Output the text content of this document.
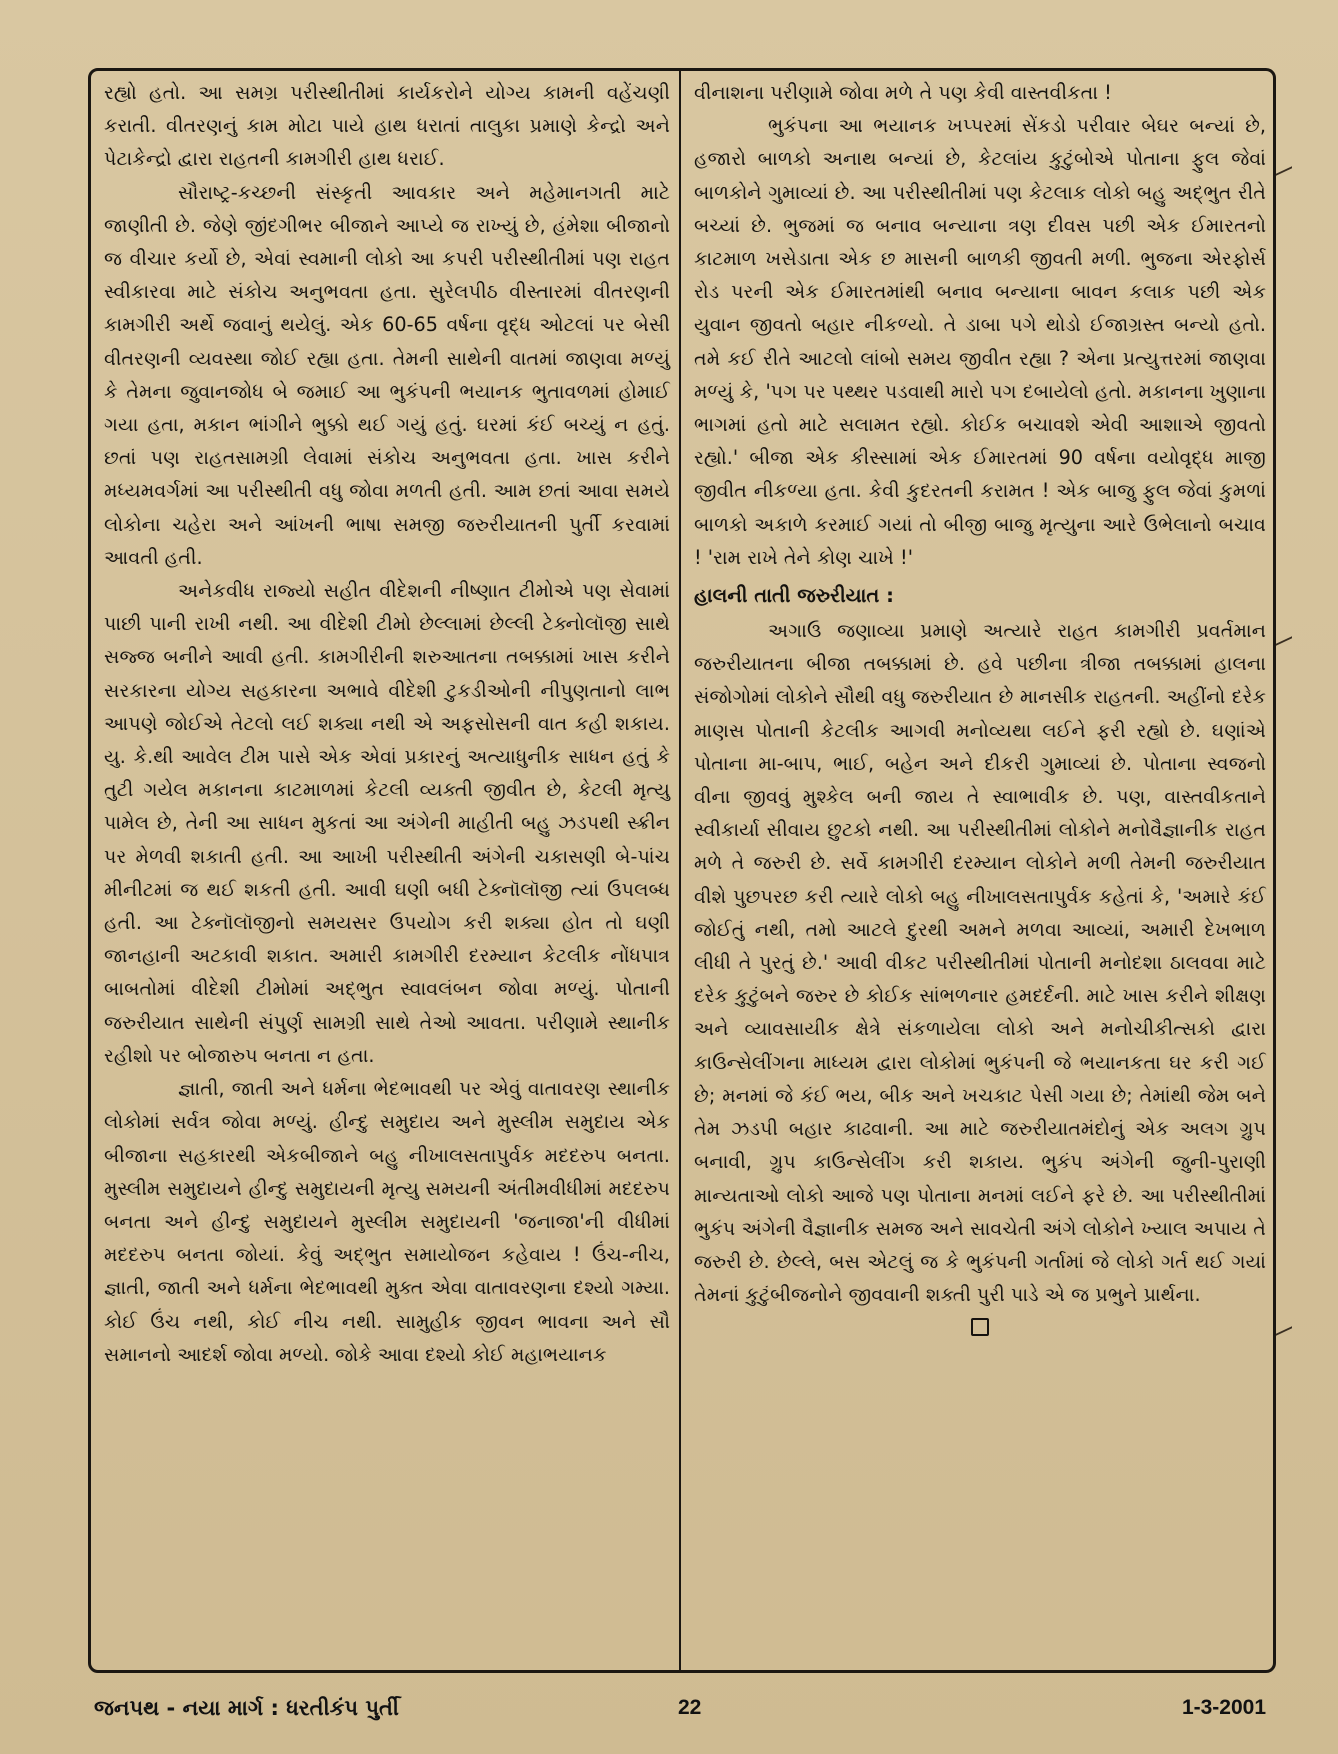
રહ્યો હતો. આ સમગ્ર પરીસ્થીતીમાં કાર્યકરોને યોગ્ય કામની વહેંચણી કરાતી. વીતરણનું કામ મોટા પાયે હાથ ધરાતાં તાલુકા પ્રમાણે કેન્દ્રો અને પેટાકેન્દ્રો દ્વારા રાહતની કામગીરી હાથ ધરાઈ.

સૌરાષ્ટ્ર-કચ્છની સંસ્કૃતી આવકાર અને મહેમાનગતી માટે જાણીતી છે. જેણે જીંદગીભર બીજાને આપ્યે જ રાખ્યું છે, હંમેશા બીજાનો જ વીચાર કર્યો છે, એવાં સ્વમાની લોકો આ કપરી પરીસ્થીતીમાં પણ રાહત સ્વીકારવા માટે સંકોચ અનુભવતા હતા. સુરેલપીઠ વીસ્તારમાં વીતરણની કામગીરી અર્થે જવાનું થયેલું. એક 60-65 વર્ષના વૃદ્ધ ઓટલાં પર બેસી વીતરણની વ્યવસ્થા જોઈ રહ્યા હતા. તેમની સાથેની વાતમાં જાણવા મળ્યું કે તેમના જુવાનજોધ બે જમાઈ આ ભુકંપની ભયાનક ભુતાવળમાં હોમાઈ ગયા હતા, મકાન ભાંગીને ભુક્કો થઈ ગયું હતું. ઘરમાં કંઈ બચ્યું ન હતું. છતાં પણ રાહતસામગ્રી લેવામાં સંકોચ અનુભવતા હતા. ખાસ કરીને મધ્યમવર્ગમાં આ પરીસ્થીતી વધુ જોવા મળતી હતી. આમ છતાં આવા સમયે લોકોના ચહેરા અને આંખની ભાષા સમજી જરુરીયાતની પુર્તી કરવામાં આવતી હતી.

અનેકવીધ રાજ્યો સહીત વીદેશની નીષ્ણાત ટીમોએ પણ સેવામાં પાછી પાની રાખી નથી. આ વીદેશી ટીમો છેલ્લામાં છેલ્લી ટેક્નોલૉજી સાથે સજ્જ બનીને આવી હતી. કામગીરીની શરુઆતના તબક્કામાં ખાસ કરીને સરકારના યોગ્ય સહકારના અભાવે વીદેશી ટુકડીઓની નીપુણતાનો લાભ આપણે જોઈએ તેટલો લઈ શક્યા નથી એ અફસોસની વાત કહી શકાય. યુ. કે.થી આવેલ ટીમ પાસે એક એવાં પ્રકારનું અત્યાધુનીક સાધન હતું કે તુટી ગયેલ મકાનના કાટમાળમાં કેટલી વ્યક્તી જીવીત છે, કેટલી મૃત્યુ પામેલ છે, તેની આ સાધન મુકતાં આ અંગેની માહીતી બહુ ઝડપથી સ્ક્રીન પર મેળવી શકાતી હતી. આ આખી પરીસ્થીતી અંગેની ચકાસણી બે-પાંચ મીનીટમાં જ થઈ શકતી હતી. આવી ઘણી બધી ટેક્નૉલૉજી ત્યાં ઉપલબ્ધ હતી. આ ટેક્નૉલૉજીનો સમયસર ઉપયોગ કરી શક્યા હોત તો ઘણી જાનહાની અટકાવી શકાત. અમારી કામગીરી દરમ્યાન કેટલીક નોંધપાત્ર બાબતોમાં વીદેશી ટીમોમાં અદ્ભુત સ્વાવલંબન જોવા મળ્યું. પોતાની જરુરીયાત સાથેની સંપુર્ણ સામગ્રી સાથે તેઓ આવતા. પરીણામે સ્થાનીક રહીશો પર બોજારુપ બનતા ન હતા.

જ્ઞાતી, જાતી અને ધર્મના ભેદભાવથી પર એવું વાતાવરણ સ્થાનીક લોકોમાં સર્વત્ર જોવા મળ્યું. હીન્દુ સમુદાય અને મુસ્લીમ સમુદાય એક બીજાના સહકારથી એકબીજાને બહુ નીખાલસતાપુર્વક મદદરુપ બનતા. મુસ્લીમ સમુદાયને હીન્દુ સમુદાયની મૃત્યુ સમયની અંતીમવીધીમાં મદદરુપ બનતા અને હીન્દુ સમુદાયને મુસ્લીમ સમુદાયની 'જનાજા'ની વીધીમાં મદદરુપ બનતા જોયાં. કેવું અદ્ભુત સમાયોજન કહેવાય ! ઉંચ-નીચ, જ્ઞાતી, જાતી અને ધર્મના ભેદભાવથી મુક્ત એવા વાતાવરણના દશ્યો ગમ્યા. કોઈ ઉંચ નથી, કોઈ નીચ નથી. સામુહીક જીવન ભાવના અને સૌ સમાનનો આદર્શ જોવા મળ્યો. જોકે આવા દશ્યો કોઈ મહાભયાનક

વીનાશના પરીણામે જોવા મળે તે પણ કેવી વાસ્તવીકતા !

ભુકંપના આ ભયાનક ખપ્પરમાં સેંકડો પરીવાર બેઘર બન્યાં છે, હજારો બાળકો અનાથ બન્યાં છે, કેટલાંય કુટુંબોએ પોતાના ફુલ જેવાં બાળકોને ગુમાવ્યાં છે. આ પરીસ્થીતીમાં પણ કેટલાક લોકો બહુ અદ્ભુત રીતે બચ્યાં છે. ભુજમાં જ બનાવ બન્યાના ત્રણ દીવસ પછી એક ઈમારતનો કાટમાળ ખસેડાતા એક છ માસની બાળકી જીવતી મળી. ભુજના એરફોર્સ રોડ પરની એક ઈમારતમાંથી બનાવ બન્યાના બાવન કલાક પછી એક યુવાન જીવતો બહાર નીકળ્યો. તે ડાબા પગે થોડો ઈજાગ્રસ્ત બન્યો હતો. તમે કઈ રીતે આટલો લાંબો સમય જીવીત રહ્યા ? એના પ્રત્યુત્તરમાં જાણવા મળ્યું કે, 'પગ પર પથ્થર પડવાથી મારો પગ દબાયેલો હતો. મકાનના ખુણાના ભાગમાં હતો માટે સલામત રહ્યો. કોઈક બચાવશે એવી આશાએ જીવતો રહ્યો.' બીજા એક કીસ્સામાં એક ઈમારતમાં 90 વર્ષના વયોવૃદ્ધ માજી જીવીત નીકળ્યા હતા. કેવી કુદરતની કરામત ! એક બાજુ ફુલ જેવાં કુમળાં બાળકો અકાળે કરમાઈ ગયાં તો બીજી બાજુ મૃત્યુના આરે ઉભેલાનો બચાવ ! 'રામ રાખે તેને કોણ ચાખે !'

હાલની તાતી જરુરીયાત :

અગાઉ જણાવ્યા પ્રમાણે અત્યારે રાહત કામગીરી પ્રવર્તમાન જરુરીયાતના બીજા તબક્કામાં છે. હવે પછીના ત્રીજા તબક્કામાં હાલના સંજોગોમાં લોકોને સૌથી વધુ જરુરીયાત છે માનસીક રાહતની. અહીંનો દરેક માણસ પોતાની કેટલીક આગવી મનોવ્યથા લઈને ફરી રહ્યો છે. ઘણાંએ પોતાના મા-બાપ, ભાઈ, બહેન અને દીકરી ગુમાવ્યાં છે. પોતાના સ્વજનો વીના જીવવું મુશ્કેલ બની જાય તે સ્વાભાવીક છે. પણ, વાસ્તવીકતાને સ્વીકાર્યા સીવાય છુટકો નથી. આ પરીસ્થીતીમાં લોકોને મનોવૈજ્ઞાનીક રાહત મળે તે જરુરી છે. સર્વે કામગીરી દરમ્યાન લોકોને મળી તેમની જરુરીયાત વીશે પુછપરછ કરી ત્યારે લોકો બહુ નીખાલસતાપુર્વક કહેતાં કે, 'અમારે કંઈ જોઈતું નથી, તમો આટલે દુરથી અમને મળવા આવ્યાં, અમારી દેખભાળ લીધી તે પુરતું છે.' આવી વીકટ પરીસ્થીતીમાં પોતાની મનોદશા ઠાલવવા માટે દરેક કુટુંબને જરુર છે કોઈક સાંભળનાર હમદર્દની. માટે ખાસ કરીને શીક્ષણ અને વ્યાવસાયીક ક્ષેત્રે સંકળાયેલા લોકો અને મનોચીકીત્સકો દ્વારા કાઉન્સેલીંગના માધ્યમ દ્વારા લોકોમાં ભુકંપની જે ભયાનકતા ઘર કરી ગઈ છે; મનમાં જે કંઈ ભય, બીક અને ખચકાટ પેસી ગયા છે; તેમાંથી જેમ બને તેમ ઝડપી બહાર કાઢવાની. આ માટે જરુરીયાતમંદોનું એક અલગ ગ્રુપ બનાવી, ગ્રુપ કાઉન્સેલીંગ કરી શકાય. ભુકંપ અંગેની જુની-પુરાણી માન્યતાઓ લોકો આજે પણ પોતાના મનમાં લઈને ફરે છે. આ પરીસ્થીતીમાં ભુકંપ અંગેની વૈજ્ઞાનીક સમજ અને સાવચેતી અંગે લોકોને ખ્યાલ અપાય તે જરુરી છે. છેલ્લે, બસ એટલું જ કે ભુકંપની ગર્તામાં જે લોકો ગર્ત થઈ ગયાં તેમનાં કુટુંબીજનોને જીવવાની શક્તી પુરી પાડે એ જ પ્રભુને પ્રાર્થના.

જનપથ - નયા માર્ગ : ધરતીકંપ પુર્તી	22	1-3-2001
